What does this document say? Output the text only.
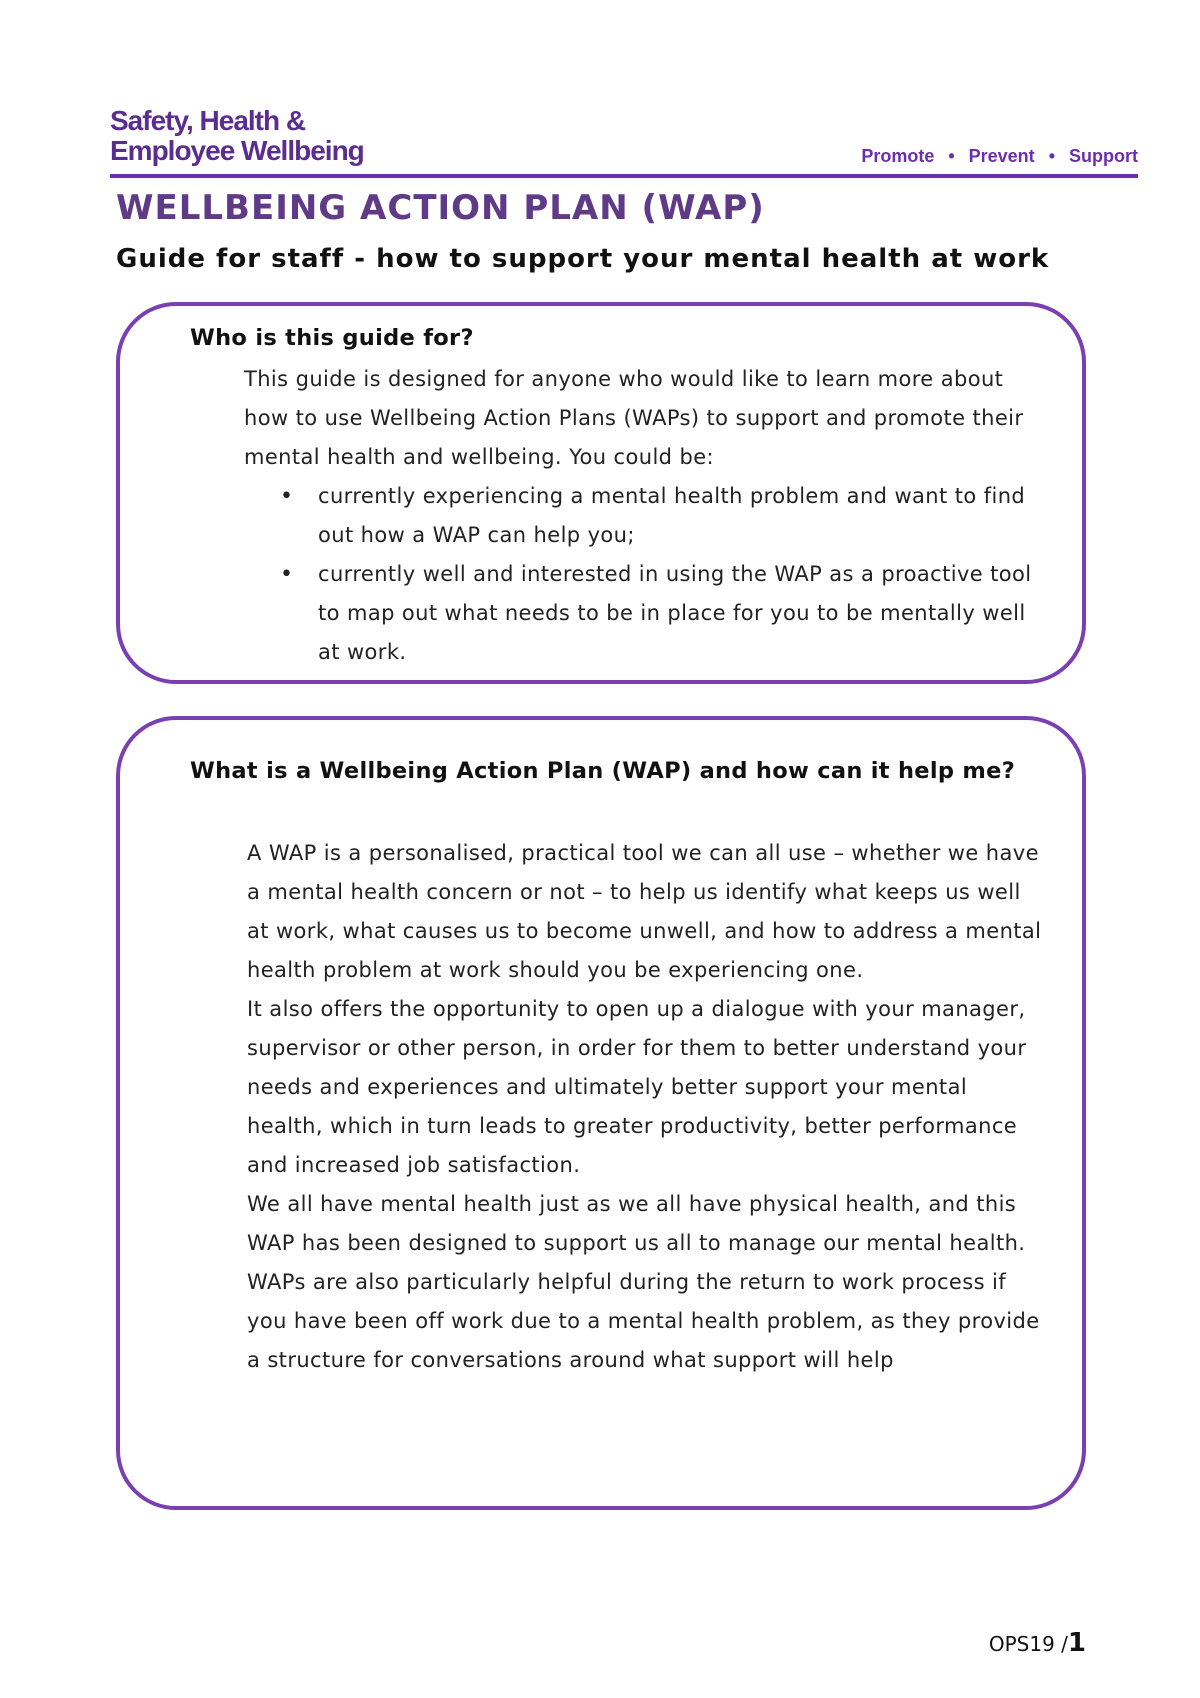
Safety, Health &
Employee Wellbeing	Promote • Prevent • Support
WELLBEING ACTION PLAN (WAP)
Guide for staff - how to support your mental health at work
Who is this guide for?

This guide is designed for anyone who would like to learn more about how to use Wellbeing Action Plans (WAPs) to support and promote their mental health and wellbeing. You could be:

• currently experiencing a mental health problem and want to find out how a WAP can help you;
• currently well and interested in using the WAP as a proactive tool to map out what needs to be in place for you to be mentally well at work.
What is a Wellbeing Action Plan (WAP) and how can it help me?

A WAP is a personalised, practical tool we can all use – whether we have a mental health concern or not – to help us identify what keeps us well at work, what causes us to become unwell, and how to address a mental health problem at work should you be experiencing one.

It also offers the opportunity to open up a dialogue with your manager, supervisor or other person, in order for them to better understand your needs and experiences and ultimately better support your mental health, which in turn leads to greater productivity, better performance and increased job satisfaction.

We all have mental health just as we all have physical health, and this WAP has been designed to support us all to manage our mental health.

WAPs are also particularly helpful during the return to work process if you have been off work due to a mental health problem, as they provide a structure for conversations around what support will help

OPS19 /1
